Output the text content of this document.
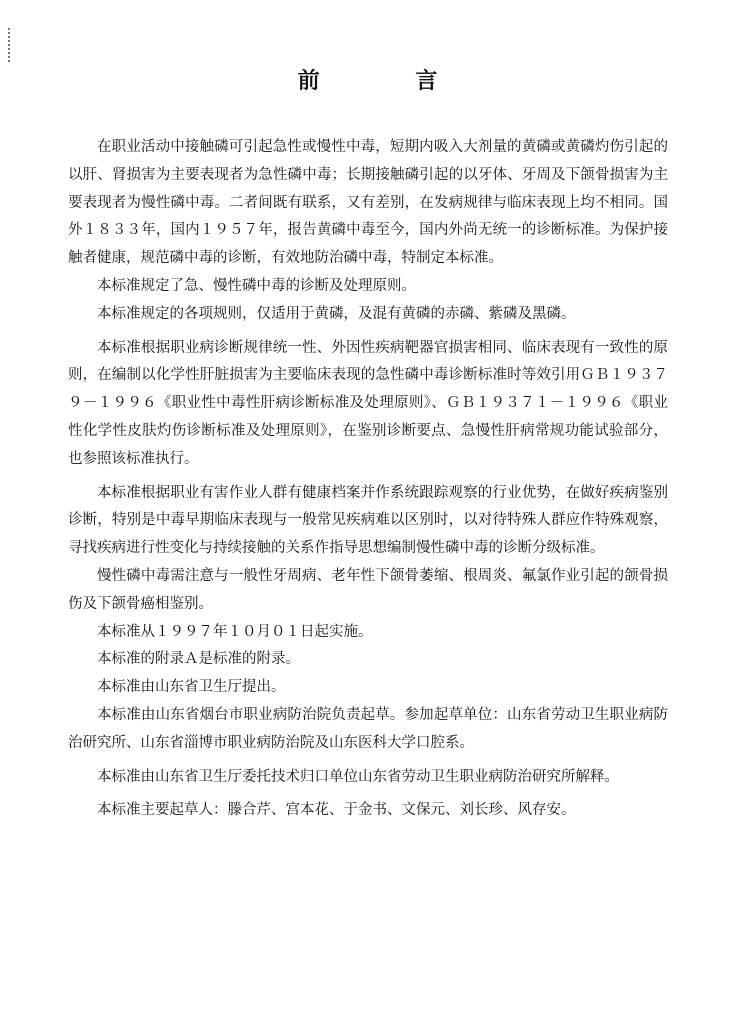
前 言

在职业活动中接触磷可引起急性或慢性中毒，短期内吸入大剂量的黄磷或黄磷灼伤引起的以肝、肾损害为主要表现者为急性磷中毒；长期接触磷引起的以牙体、牙周及下颌骨损害为主要表现者为慢性磷中毒。二者间既有联系，又有差别，在发病规律与临床表现上均不相同。国外１８３３年，国内１９５７年，报告黄磷中毒至今，国内外尚无统一的诊断标准。为保护接触者健康，规范磷中毒的诊断，有效地防治磷中毒，特制定本标准。

本标准规定了急、慢性磷中毒的诊断及处理原则。

本标准规定的各项规则，仅适用于黄磷，及混有黄磷的赤磷、紫磷及黑磷。

本标准根据职业病诊断规律统一性、外因性疾病靶器官损害相同、临床表现有一致性的原则，在编制以化学性肝脏损害为主要临床表现的急性磷中毒诊断标准时等效引用ＧＢ１９３７９－１９９６《职业性中毒性肝病诊断标准及处理原则》、ＧＢ１９３７１－１９９６《职业性化学性皮肤灼伤诊断标准及处理原则》，在鉴别诊断要点、急慢性肝病常规功能试验部分，也参照该标准执行。

本标准根据职业有害作业人群有健康档案并作系统跟踪观察的行业优势，在做好疾病鉴别诊断，特别是中毒早期临床表现与一般常见疾病难以区别时，以对待特殊人群应作特殊观察，寻找疾病进行性变化与持续接触的关系作指导思想编制慢性磷中毒的诊断分级标准。

慢性磷中毒需注意与一般性牙周病、老年性下颌骨萎缩、根周炎、氟氯作业引起的颌骨损伤及下颌骨癌相鉴别。

本标准从１９９７年１０月０１日起实施。

本标准的附录Ａ是标准的附录。

本标准由山东省卫生厅提出。

本标准由山东省烟台市职业病防治院负责起草。参加起草单位：山东省劳动卫生职业病防治研究所、山东省淄博市职业病防治院及山东医科大学口腔系。

本标准由山东省卫生厅委托技术归口单位山东省劳动卫生职业病防治研究所解释。

本标准主要起草人：滕合芹、宫本花、于金书、文保元、刘长珍、风存安。
